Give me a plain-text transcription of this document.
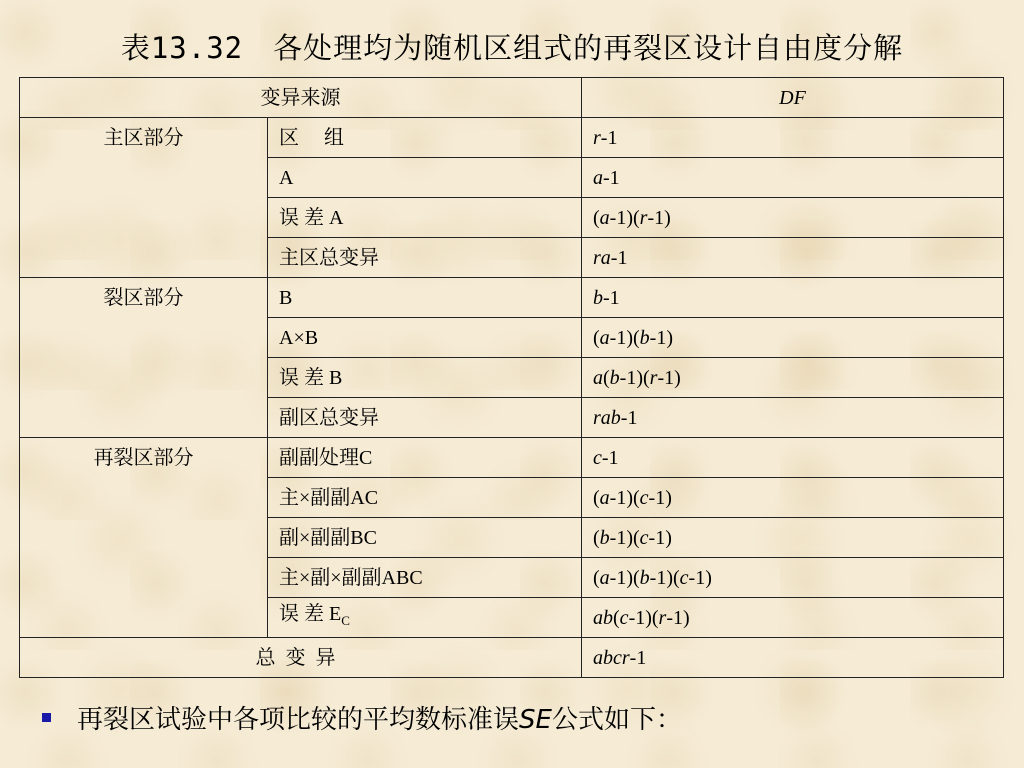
表13.32　各处理均为随机区组式的再裂区设计自由度分解
变异来源		DF
主区部分	区　 组	r-1
	A	a-1
	误 差 A	(a-1)(r-1)
	主区总变异	ra-1
裂区部分	B	b-1
	A×B	(a-1)(b-1)
	误 差 B	a(b-1)(r-1)
	副区总变异	rab-1
再裂区部分	副副处理C	c-1
	主×副副AC	(a-1)(c-1)
	副×副副BC	(b-1)(c-1)
	主×副×副副ABC	(a-1)(b-1)(c-1)
	误 差 $E_C$	ab(c-1)(r-1)
总变异		abcr-1
再裂区试验中各项比较的平均数标准误SE公式如下：
